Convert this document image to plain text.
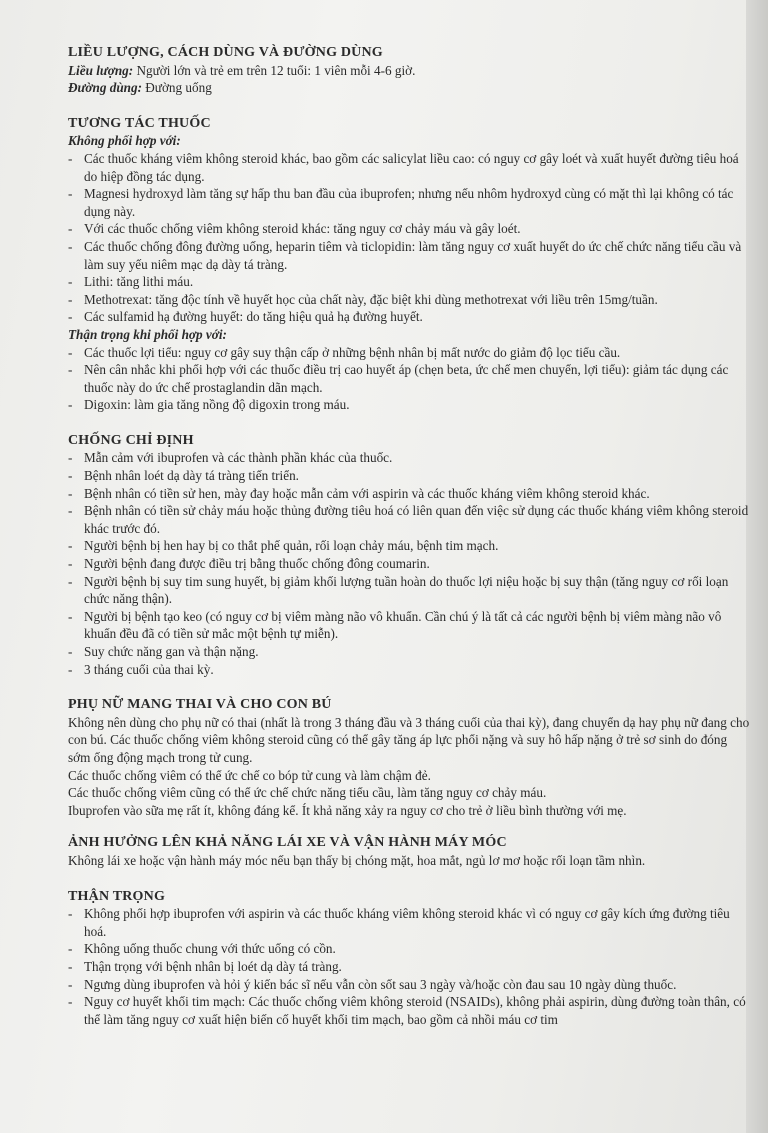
LIỀU LƯỢNG, CÁCH DÙNG VÀ ĐƯỜNG DÙNG

Liều lượng: Người lớn và trẻ em trên 12 tuổi: 1 viên mỗi 4-6 giờ.

Đường dùng: Đường uống

TƯƠNG TÁC THUỐC

Không phối hợp với:

- Các thuốc kháng viêm không steroid khác, bao gồm các salicylat liều cao: có nguy cơ gây loét và xuất huyết đường tiêu hoá do hiệp đồng tác dụng.

- Magnesi hydroxyd làm tăng sự hấp thu ban đầu của ibuprofen; nhưng nếu nhôm hydroxyd cùng có mặt thì lại không có tác dụng này.

- Với các thuốc chống viêm không steroid khác: tăng nguy cơ chảy máu và gây loét.

- Các thuốc chống đông đường uống, heparin tiêm và ticlopidin: làm tăng nguy cơ xuất huyết do ức chế chức năng tiểu cầu và làm suy yếu niêm mạc dạ dày tá tràng.

- Lithi: tăng lithi máu.

- Methotrexat: tăng độc tính về huyết học của chất này, đặc biệt khi dùng methotrexat với liều trên 15mg/tuần.

- Các sulfamid hạ đường huyết: do tăng hiệu quả hạ đường huyết.

Thận trọng khi phối hợp với:

- Các thuốc lợi tiểu: nguy cơ gây suy thận cấp ở những bệnh nhân bị mất nước do giảm độ lọc tiểu cầu.

- Nên cân nhắc khi phối hợp với các thuốc điều trị cao huyết áp (chẹn beta, ức chế men chuyển, lợi tiểu): giảm tác dụng các thuốc này do ức chế prostaglandin dãn mạch.

- Digoxin: làm gia tăng nồng độ digoxin trong máu.

CHỐNG CHỈ ĐỊNH

- Mẫn cảm với ibuprofen và các thành phần khác của thuốc.

- Bệnh nhân loét dạ dày tá tràng tiến triển.

- Bệnh nhân có tiền sử hen, mày đay hoặc mẫn cảm với aspirin và các thuốc kháng viêm không steroid khác.

- Bệnh nhân có tiền sử chảy máu hoặc thủng đường tiêu hoá có liên quan đến việc sử dụng các thuốc kháng viêm không steroid khác trước đó.

- Người bệnh bị hen hay bị co thắt phế quản, rối loạn chảy máu, bệnh tim mạch.

- Người bệnh đang được điều trị bằng thuốc chống đông coumarin.

- Người bệnh bị suy tim sung huyết, bị giảm khối lượng tuần hoàn do thuốc lợi niệu hoặc bị suy thận (tăng nguy cơ rối loạn chức năng thận).

- Người bị bệnh tạo keo (có nguy cơ bị viêm màng não vô khuẩn. Cần chú ý là tất cả các người bệnh bị viêm màng não vô khuẩn đều đã có tiền sử mắc một bệnh tự miễn).

- Suy chức năng gan và thận nặng.

- 3 tháng cuối của thai kỳ.

PHỤ NỮ MANG THAI VÀ CHO CON BÚ

Không nên dùng cho phụ nữ có thai (nhất là trong 3 tháng đầu và 3 tháng cuối của thai kỳ), đang chuyển dạ hay phụ nữ đang cho con bú. Các thuốc chống viêm không steroid cũng có thể gây tăng áp lực phổi nặng và suy hô hấp nặng ở trẻ sơ sinh do đóng sớm ống động mạch trong tử cung.

Các thuốc chống viêm có thể ức chế co bóp tử cung và làm chậm đẻ.

Các thuốc chống viêm cũng có thể ức chế chức năng tiểu cầu, làm tăng nguy cơ chảy máu.

Ibuprofen vào sữa mẹ rất ít, không đáng kể. Ít khả năng xảy ra nguy cơ cho trẻ ở liều bình thường với mẹ.

ẢNH HƯỞNG LÊN KHẢ NĂNG LÁI XE VÀ VẬN HÀNH MÁY MÓC

Không lái xe hoặc vận hành máy móc nếu bạn thấy bị chóng mặt, hoa mắt, ngủ lơ mơ hoặc rối loạn tầm nhìn.

THẬN TRỌNG

- Không phối hợp ibuprofen với aspirin và các thuốc kháng viêm không steroid khác vì có nguy cơ gây kích ứng đường tiêu hoá.

- Không uống thuốc chung với thức uống có cồn.

- Thận trọng với bệnh nhân bị loét dạ dày tá tràng.

- Ngưng dùng ibuprofen và hỏi ý kiến bác sĩ nếu vẫn còn sốt sau 3 ngày và/hoặc còn đau sau 10 ngày dùng thuốc.

- Nguy cơ huyết khối tim mạch: Các thuốc chống viêm không steroid (NSAIDs), không phải aspirin, dùng đường toàn thân, có thể làm tăng nguy cơ xuất hiện biến cố huyết khối tim mạch, bao gồm cả nhồi máu cơ tim
